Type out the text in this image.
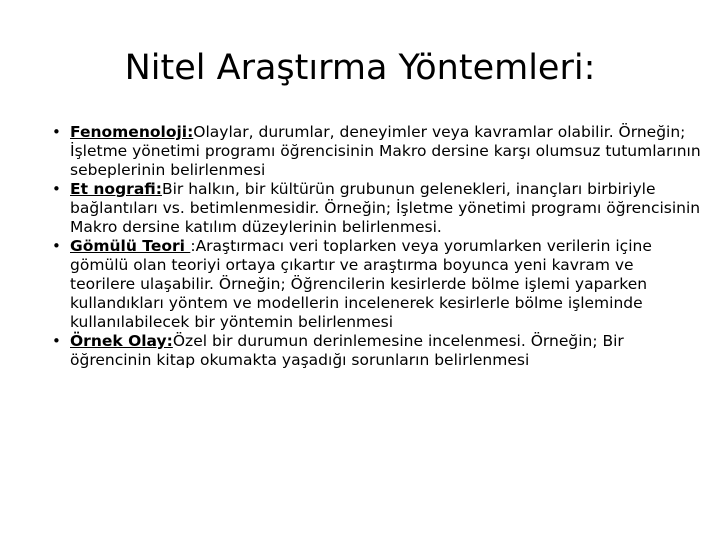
Nitel Araştırma Yöntemleri:
• Fenomenoloji:Olaylar, durumlar, deneyimler veya kavramlar olabilir. Örneğin; İşletme yönetimi programı öğrencisinin Makro dersine karşı olumsuz tutumlarının sebeplerinin belirlenmesi
• Et nografi:Bir halkın, bir kültürün grubunun gelenekleri, inançları birbiriyle bağlantıları vs. betimlenmesidir. Örneğin; İşletme yönetimi programı öğrencisinin Makro dersine katılım düzeylerinin belirlenmesi.
• Gömülü Teori :Araştırmacı veri toplarken veya yorumlarken verilerin içine gömülü olan teoriyi ortaya çıkartır ve araştırma boyunca yeni kavram ve teorilere ulaşabilir. Örneğin; Öğrencilerin kesirlerde bölme işlemi yaparken kullandıkları yöntem ve modellerin incelenerek kesirlerle bölme işleminde kullanılabilecek bir yöntemin belirlenmesi
• Örnek Olay:Özel bir durumun derinlemesine incelenmesi. Örneğin; Bir öğrencinin kitap okumakta yaşadığı sorunların belirlenmesi
